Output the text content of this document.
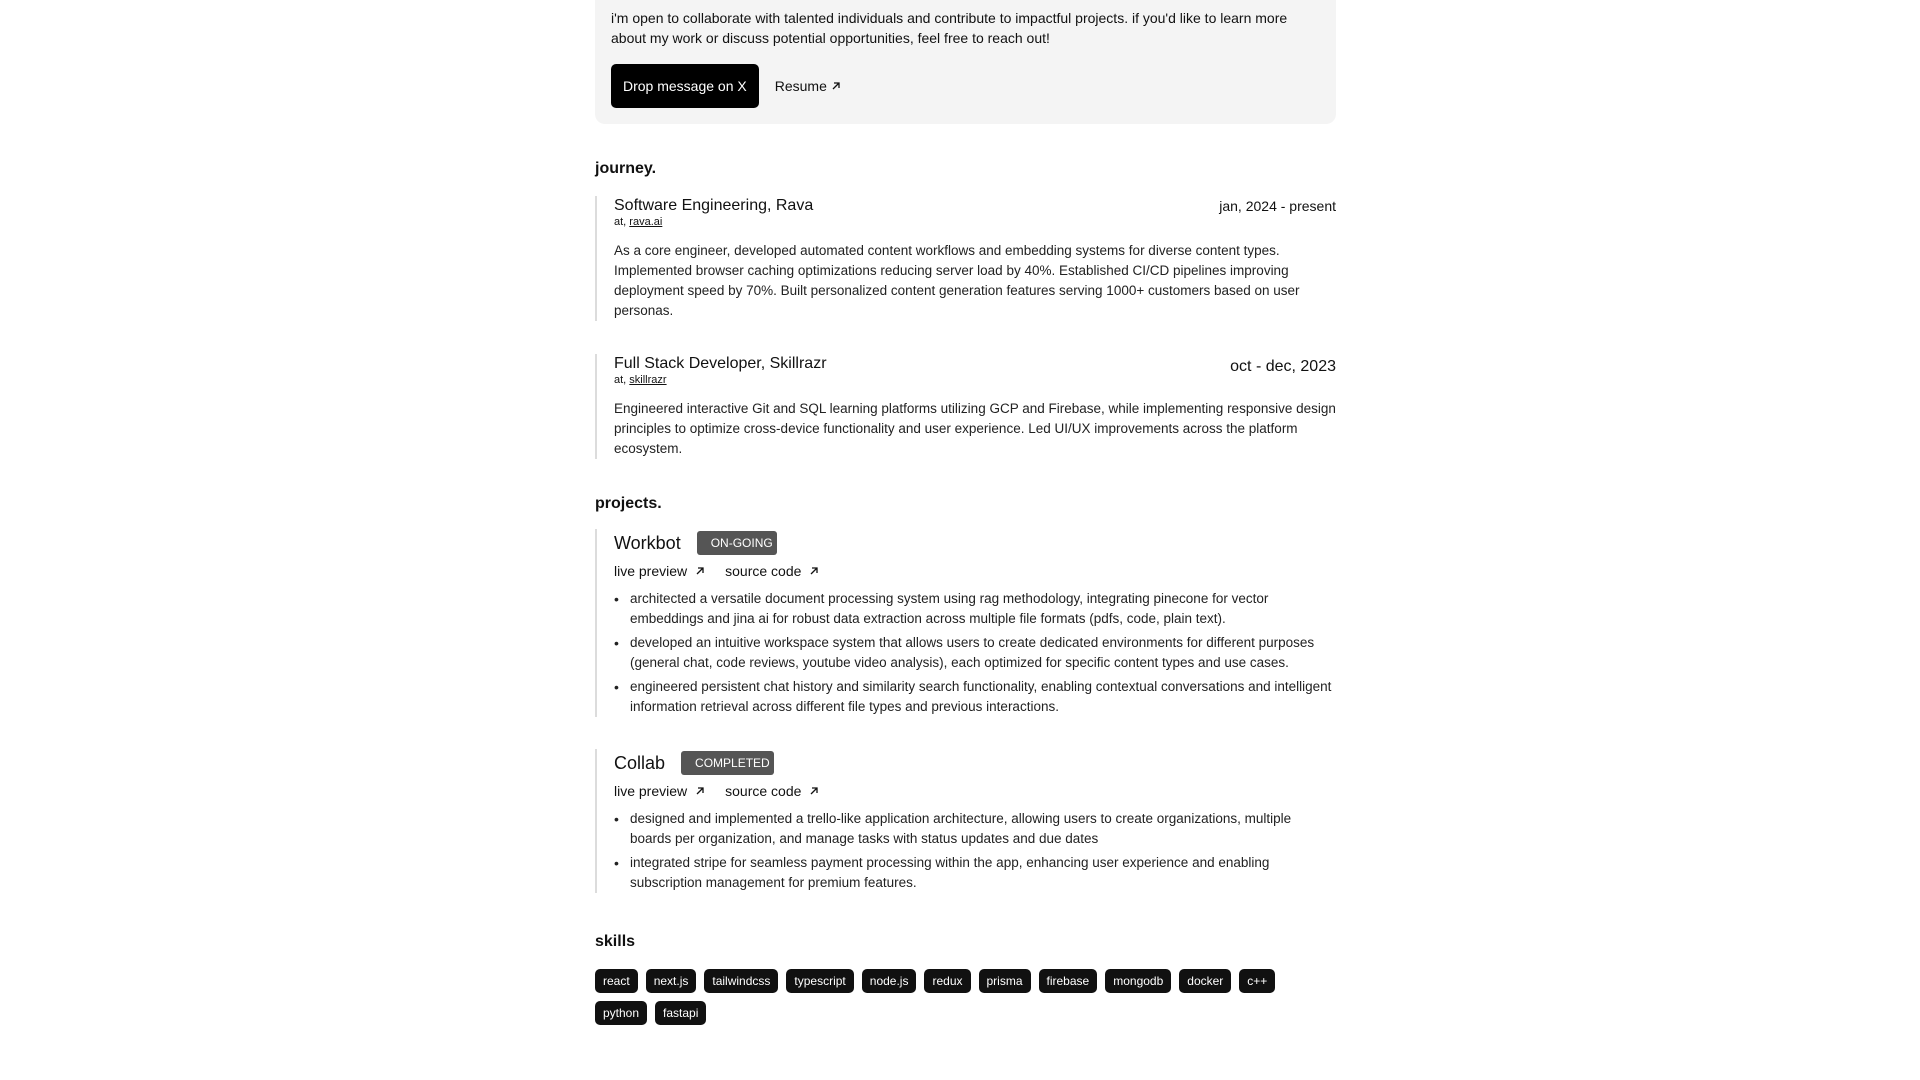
i'm open to collaborate with talented individuals and contribute to impactful projects. if you'd like to learn more about my work or discuss potential opportunities, feel free to reach out!

Drop message on X	Resume
journey.
Software Engineering, Rava
at, rava.ai
jan, 2024 - present

As a core engineer, developed automated content workflows and embedding systems for diverse content types. Implemented browser caching optimizations reducing server load by 40%. Established CI/CD pipelines improving deployment speed by 70%. Built personalized content generation features serving 1000+ customers based on user personas.

Full Stack Developer, Skillrazr
at, skillrazr
oct - dec, 2023

Engineered interactive Git and SQL learning platforms utilizing GCP and Firebase, while implementing responsive design principles to optimize cross-device functionality and user experience. Led UI/UX improvements across the platform ecosystem.

projects.
Workbot	ON-GOING
live preview	source code
• architected a versatile document processing system using rag methodology, integrating pinecone for vector embeddings and jina ai for robust data extraction across multiple file formats (pdfs, code, plain text).
• developed an intuitive workspace system that allows users to create dedicated environments for different purposes (general chat, code reviews, youtube video analysis), each optimized for specific content types and use cases.
• engineered persistent chat history and similarity search functionality, enabling contextual conversations and intelligent information retrieval across different file types and previous interactions.
Collab	COMPLETED
live preview	source code
• designed and implemented a trello-like application architecture, allowing users to create organizations, multiple boards per organization, and manage tasks with status updates and due dates
• integrated stripe for seamless payment processing within the app, enhancing user experience and enabling subscription management for premium features.
skills
react	next.js	tailwindcss	typescript	node.js	redux	prisma	firebase	mongodb	docker	c++
python	fastapi
